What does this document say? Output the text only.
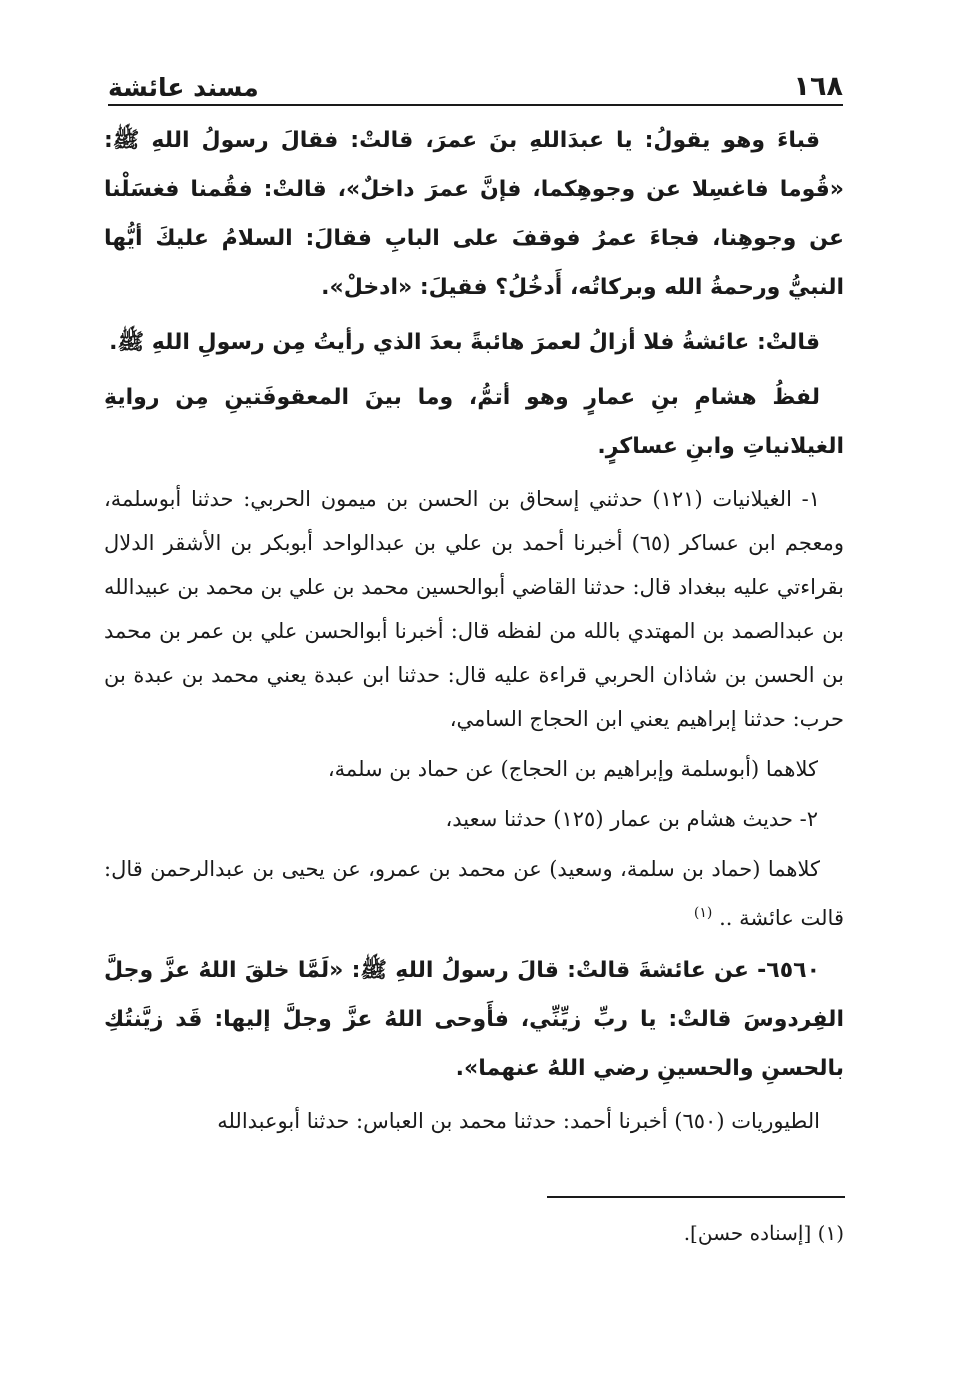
١٦٨
مسند عائشة

قباءَ وهو يقولُ: يا عبدَاللهِ بنَ عمرَ، قالتْ: فقالَ رسولُ اللهِ ﷺ: «قُوما فاغسِلا عن وجوهِكما، فإنَّ عمرَ داخلٌ»، قالتْ: فقُمنا فغسَلْنا عن وجوهِنا، فجاءَ عمرُ فوقفَ على البابِ فقالَ: السلامُ عليكَ أيُّها النبيُّ ورحمةُ الله وبركاتُه، أَدخُلُ؟ فقيلَ: «ادخلْ».

قالتْ: عائشةُ فلا أزالُ لعمرَ هائبةً بعدَ الذي رأيتُ مِن رسولِ اللهِ ﷺ.

لفظُ هشامِ بنِ عمارٍ وهو أتمُّ، وما بينَ المعقوفَتينِ مِن روايةِ الغيلانياتِ وابنِ عساكرٍ.

١- الغيلانيات (١٢١) حدثني إسحاق بن الحسن بن ميمون الحربي: حدثنا أبوسلمة، ومعجم ابن عساكر (٦٥) أخبرنا أحمد بن علي بن عبدالواحد أبوبكر بن الأشقر الدلال بقراءتي عليه ببغداد قال: حدثنا القاضي أبوالحسين محمد بن علي بن محمد بن عبيدالله بن عبدالصمد بن المهتدي بالله من لفظه قال: أخبرنا أبوالحسن علي بن عمر بن محمد بن الحسن بن شاذان الحربي قراءة عليه قال: حدثنا ابن عبدة يعني محمد بن عبدة بن حرب: حدثنا إبراهيم يعني ابن الحجاج السامي،

كلاهما (أبوسلمة وإبراهيم بن الحجاج) عن حماد بن سلمة،

٢- حديث هشام بن عمار (١٢٥) حدثنا سعيد،

كلاهما (حماد بن سلمة، وسعيد) عن محمد بن عمرو، عن يحيى بن عبدالرحمن قال: قالت عائشة .. $^{(١)}$

٦٥٦٠- عن عائشةَ قالتْ: قالَ رسولُ اللهِ ﷺ: «لَمَّا خلقَ اللهُ عزَّ وجلَّ الفِردوسَ قالتْ: يا ربِّ زيِّنِّي، فأَوحى اللهُ عزَّ وجلَّ إليها: قَد زيَّنتُكِ بالحسنِ والحسينِ رضي اللهُ عنهما».

الطيوريات (٦٥٠) أخبرنا أحمد: حدثنا محمد بن العباس: حدثنا أبوعبدالله

(١) [إسناده حسن].
